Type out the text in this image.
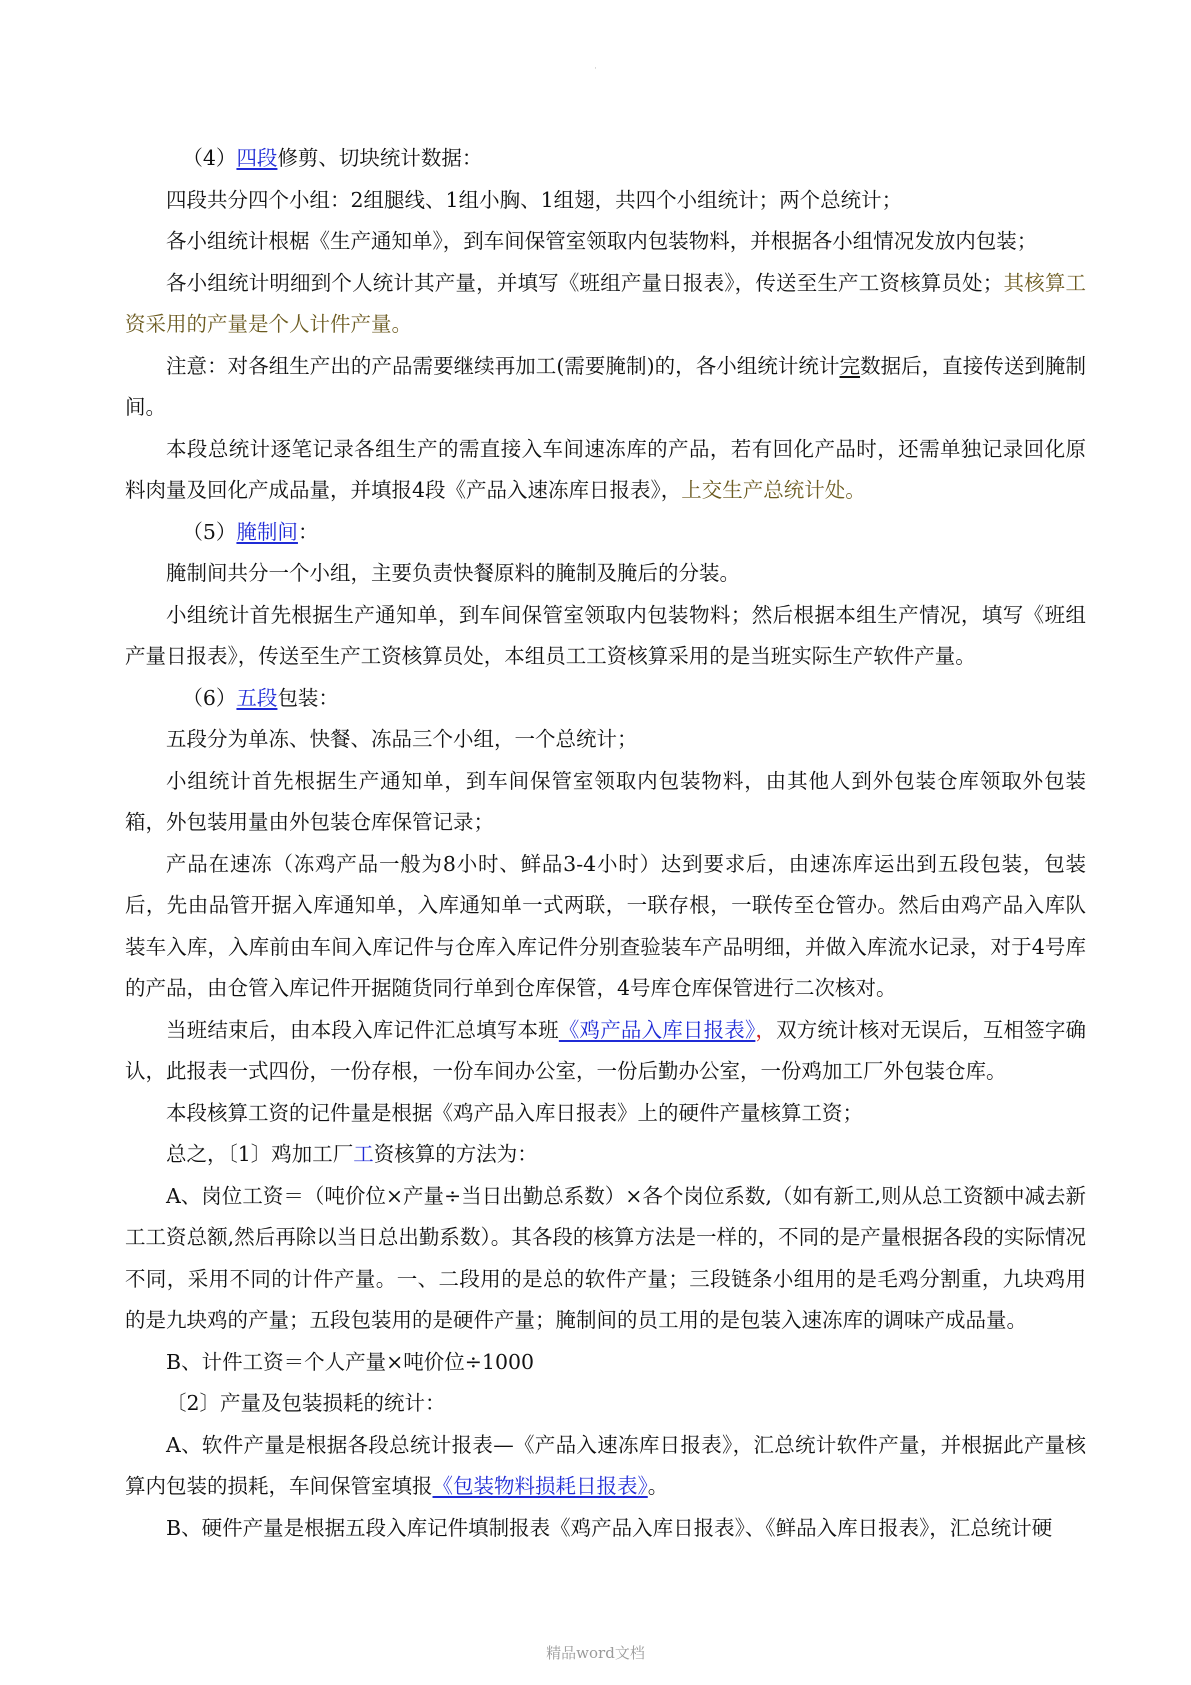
·

（4）四段修剪、切块统计数据：

四段共分四个小组：2组腿线、1组小胸、1组翅，共四个小组统计；两个总统计；

各小组统计根椐《生产通知单》，到车间保管室领取内包装物料，并根据各小组情况发放内包装；

各小组统计明细到个人统计其产量，并填写《班组产量日报表》，传送至生产工资核算员处；其核算工资采用的产量是个人计件产量。

注意：对各组生产出的产品需要继续再加工(需要腌制)的，各小组统计统计完数据后，直接传送到腌制间。

本段总统计逐笔记录各组生产的需直接入车间速冻库的产品，若有回化产品时，还需单独记录回化原料肉量及回化产成品量，并填报4段《产品入速冻库日报表》，上交生产总统计处。

（5）腌制间：

腌制间共分一个小组，主要负责快餐原料的腌制及腌后的分装。

小组统计首先根据生产通知单，到车间保管室领取内包装物料；然后根据本组生产情况，填写《班组产量日报表》，传送至生产工资核算员处，本组员工工资核算采用的是当班实际生产软件产量。

（6）五段包装：

五段分为单冻、快餐、冻品三个小组，一个总统计；

小组统计首先根据生产通知单，到车间保管室领取内包装物料，由其他人到外包装仓库领取外包装箱，外包装用量由外包装仓库保管记录；

产品在速冻（冻鸡产品一般为8小时、鲜品3-4小时）达到要求后，由速冻库运出到五段包装，包装后，先由品管开据入库通知单，入库通知单一式两联，一联存根，一联传至仓管办。然后由鸡产品入库队装车入库，入库前由车间入库记件与仓库入库记件分别查验装车产品明细，并做入库流水记录，对于4号库的产品，由仓管入库记件开据随货同行单到仓库保管，4号库仓库保管进行二次核对。

当班结束后，由本段入库记件汇总填写本班《鸡产品入库日报表》，双方统计核对无误后，互相签字确认，此报表一式四份，一份存根，一份车间办公室，一份后勤办公室，一份鸡加工厂外包装仓库。

本段核算工资的记件量是根据《鸡产品入库日报表》上的硬件产量核算工资；

总之，〔1〕鸡加工厂工资核算的方法为：

A、岗位工资＝（吨价位×产量÷当日出勤总系数）×各个岗位系数,（如有新工,则从总工资额中减去新工工资总额,然后再除以当日总出勤系数）。其各段的核算方法是一样的，不同的是产量根据各段的实际情况不同，采用不同的计件产量。一、二段用的是总的软件产量；三段链条小组用的是毛鸡分割重，九块鸡用的是九块鸡的产量；五段包装用的是硬件产量；腌制间的员工用的是包装入速冻库的调味产成品量。

B、计件工资＝个人产量×吨价位÷1000

〔2〕产量及包装损耗的统计：

A、软件产量是根据各段总统计报表—《产品入速冻库日报表》，汇总统计软件产量，并根据此产量核算内包装的损耗，车间保管室填报《包装物料损耗日报表》。

B、硬件产量是根据五段入库记件填制报表《鸡产品入库日报表》、《鲜品入库日报表》，汇总统计硬

精品word文档
